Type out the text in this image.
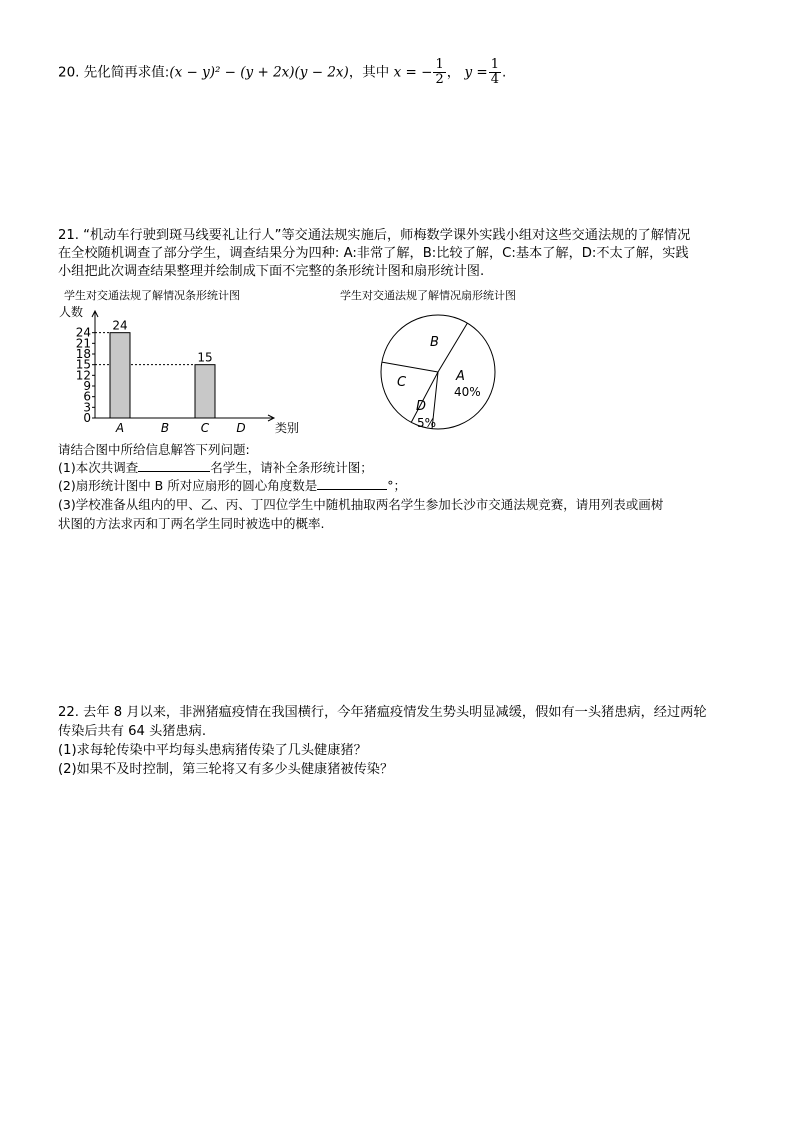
20. 先化简再求值:(x − y)² − (y + 2x)(y − 2x)，其中 x = − $\frac{1}{2}$ ， $y = \frac{1}{4}$ .
21. “机动车行驶到斑马线要礼让行人”等交通法规实施后，师梅数学课外实践小组对这些交通法规的了解情况
在全校随机调查了部分学生，调查结果分为四种: A:非常了解，B:比较了解，C:基本了解，D:不太了解，实践
小组把此次调查结果整理并绘制成下面不完整的条形统计图和扇形统计图.
学生对交通法规了解情况条形统计图	学生对交通法规了解情况扇形统计图
人数
类别
0
3
6
9
12
15
18
21
24 24
A	B
15
C D
A
B
C
D
40%
5%
请结合图中所给信息解答下列问题:
(1)本次共调查	名学生，请补全条形统计图；
(2)扇形统计图中 B 所对应扇形的圆心角度数是	°；
(3)学校准备从组内的甲、乙、丙、丁四位学生中随机抽取两名学生参加长沙市交通法规竞赛，请用列表或画树
状图的方法求丙和丁两名学生同时被选中的概率.
22. 去年 8 月以来，非洲猪瘟疫情在我国横行，今年猪瘟疫情发生势头明显减缓，假如有一头猪患病，经过两轮
传染后共有 64 头猪患病.
(1)求每轮传染中平均每头患病猪传染了几头健康猪？
(2)如果不及时控制，第三轮将又有多少头健康猪被传染？
